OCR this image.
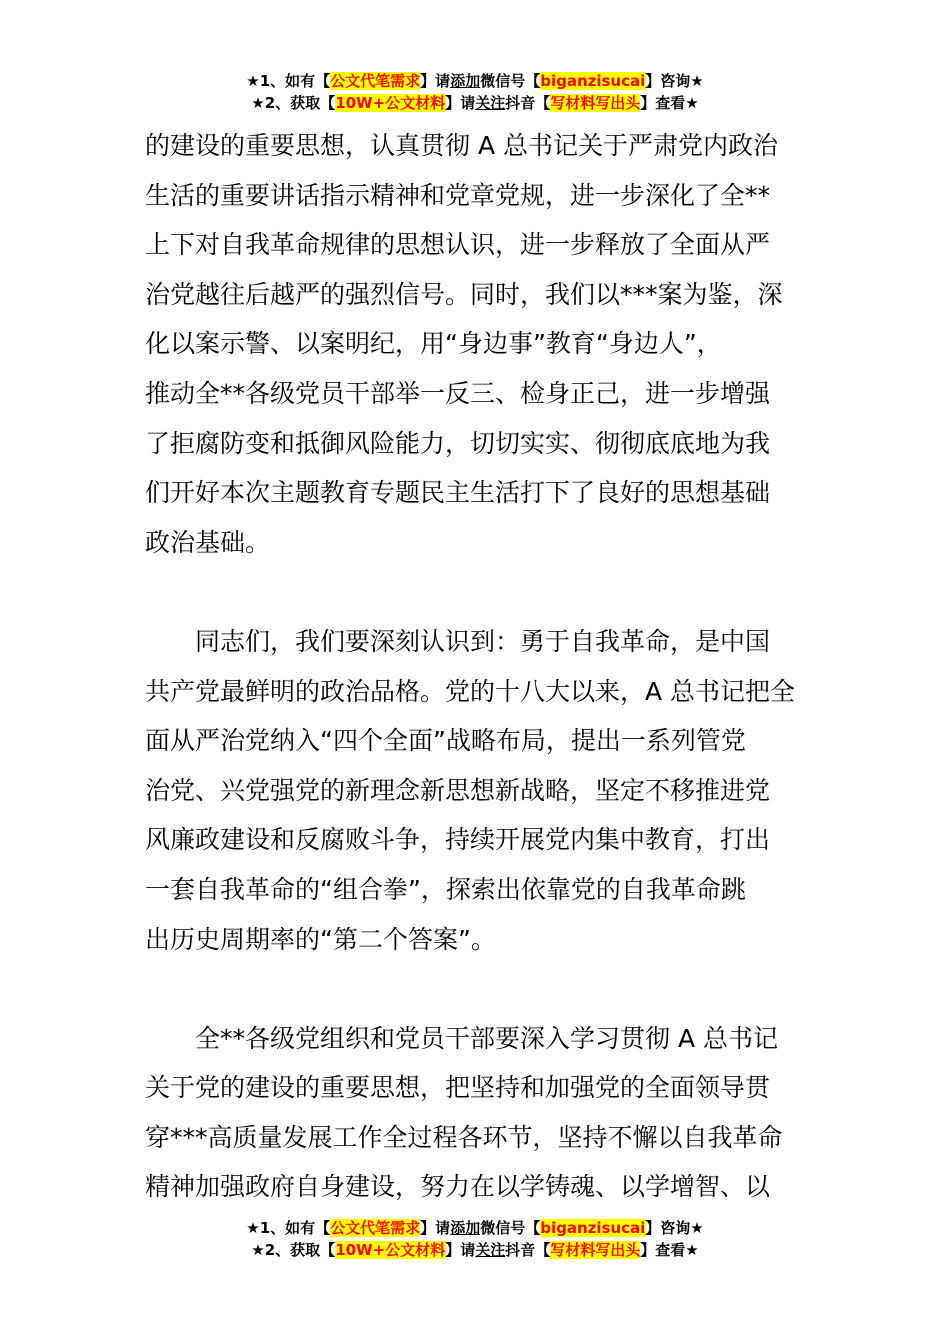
★1、如有【公文代笔需求】请添加微信号【biganzisucai】咨询★
★2、获取【10W+公文材料】请关注抖音【写材料写出头】查看★
的建设的重要思想，认真贯彻 A 总书记关于严肃党内政治
生活的重要讲话指示精神和党章党规，进一步深化了全**
上下对自我革命规律的思想认识，进一步释放了全面从严
治党越往后越严的强烈信号。同时，我们以***案为鉴，深
化以案示警、以案明纪，用“身边事”教育“身边人”，
推动全**各级党员干部举一反三、检身正己，进一步增强
了拒腐防变和抵御风险能力，切切实实、彻彻底底地为我
们开好本次主题教育专题民主生活打下了良好的思想基础
政治基础。
同志们，我们要深刻认识到：勇于自我革命，是中国
共产党最鲜明的政治品格。党的十八大以来，A 总书记把全
面从严治党纳入“四个全面”战略布局，提出一系列管党
治党、兴党强党的新理念新思想新战略，坚定不移推进党
风廉政建设和反腐败斗争，持续开展党内集中教育，打出
一套自我革命的“组合拳”，探索出依靠党的自我革命跳
出历史周期率的“第二个答案”。
全**各级党组织和党员干部要深入学习贯彻 A 总书记
关于党的建设的重要思想，把坚持和加强党的全面领导贯
穿***高质量发展工作全过程各环节，坚持不懈以自我革命
精神加强政府自身建设，努力在以学铸魂、以学增智、以
★1、如有【公文代笔需求】请添加微信号【biganzisucai】咨询★
★2、获取【10W+公文材料】请关注抖音【写材料写出头】查看★
